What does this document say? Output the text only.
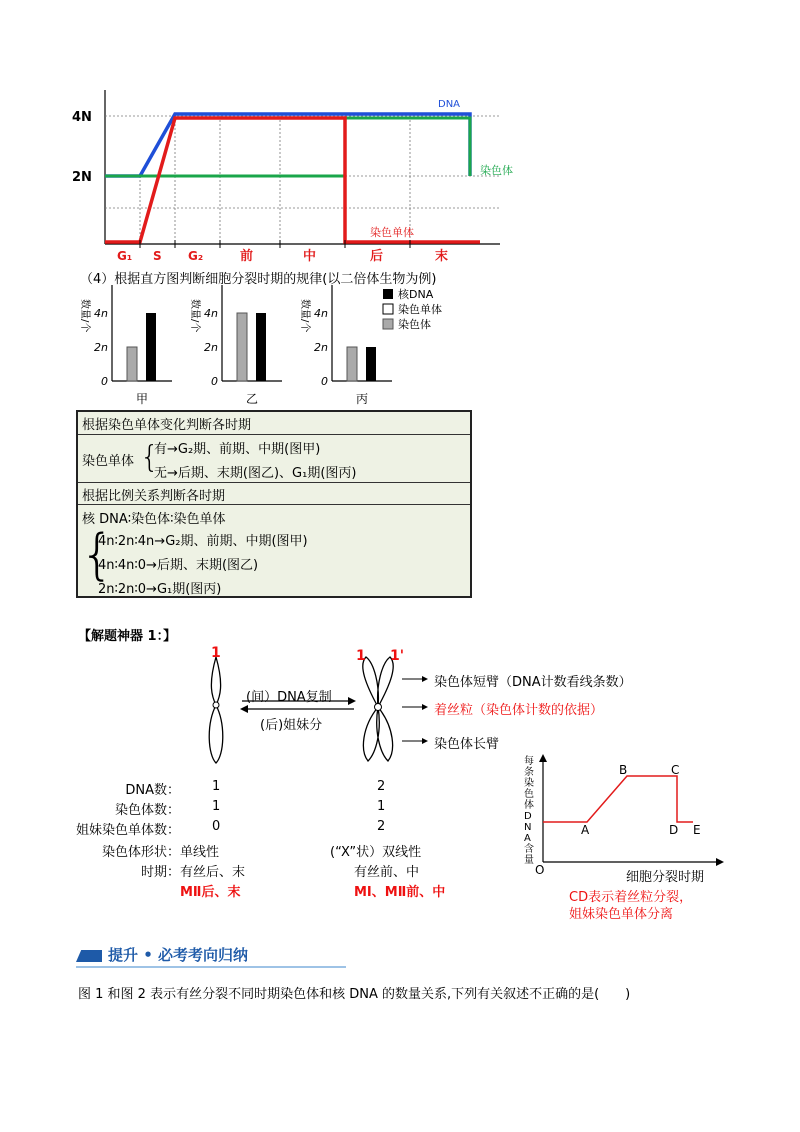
4N
2N
DNA
染色体
染色单体
G₁ S G₂	前	中	后	末
（4）根据直方图判断细胞分裂时期的规律(以二倍体生物为例)
4n
2n
0
数量/个
甲
4n
2n
0
数量/个
乙
4n
2n
0
数量/个
丙
核DNA
染色单体
染色体
根据染色单体变化判断各时期
染色单体 {
有→G₂期、前期、中期(图甲)
无→后期、末期(图乙)、G₁期(图丙)
根据比例关系判断各时期
核 DNA∶染色体∶染色单体
{
4n∶2n∶4n→G₂期、前期、中期(图甲)
4n∶4n∶0→后期、末期(图乙)
2n∶2n∶0→G₁期(图丙)
【解题神器 1：】
1	1 1'
(间）DNA复制
(后)姐妹分
染色体短臂（DNA计数看线条数）
着丝粒（染色体计数的依据）
染色体长臂
DNA数： 1	2
染色体数： 1	1
姐妹染色单体数： 0	2
染色体形状： 单线性	(“X”状）双线性
时期： 有丝后、末	有丝前、中
MⅡ后、末	MⅠ、MⅡ前、中
A
B	C
D E
O
每条染色体DNA含量
细胞分裂时期
CD表示着丝粒分裂，
姐妹染色单体分离
提升 • 必考考向归纳
图 1 和图 2 表示有丝分裂不同时期染色体和核 DNA 的数量关系,下列有关叙述不正确的是(　　)
